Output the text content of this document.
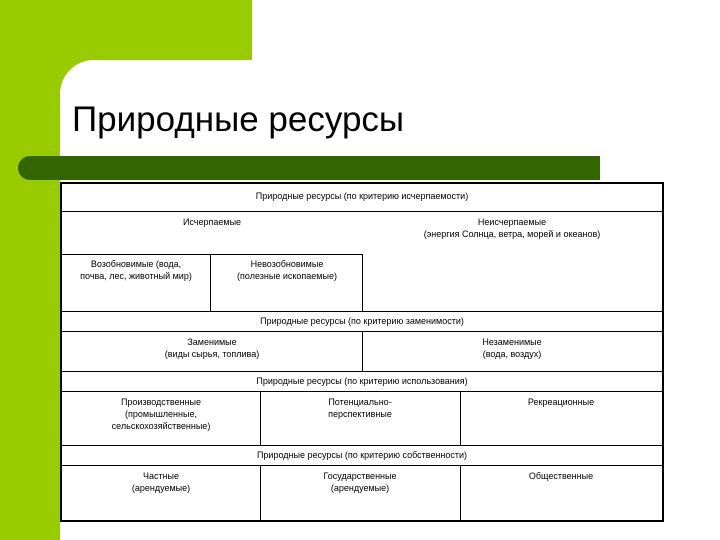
Природные ресурсы
Природные ресурсы (по критерию исчерпаемости)
Исчерпаемые	Неисчерпаемые
(энергия Солнца, ветра, морей и океанов)
Возобновимые (вода,
почва, лес, животный мир)
Невозобновимые
(полезные ископаемые)
Природные ресурсы (по критерию заменимости)
Заменимые
(виды сырья, топлива)
Незаменимые
(вода, воздух)
Природные ресурсы (по критерию использования)
Производственные
(промышленные,
сельскохозяйственные)
Потенциально-
перспективные
Рекреационные
Природные ресурсы (по критерию собственности)
Частные
(арендуемые)
Государственные
(арендуемые)
Общественные
